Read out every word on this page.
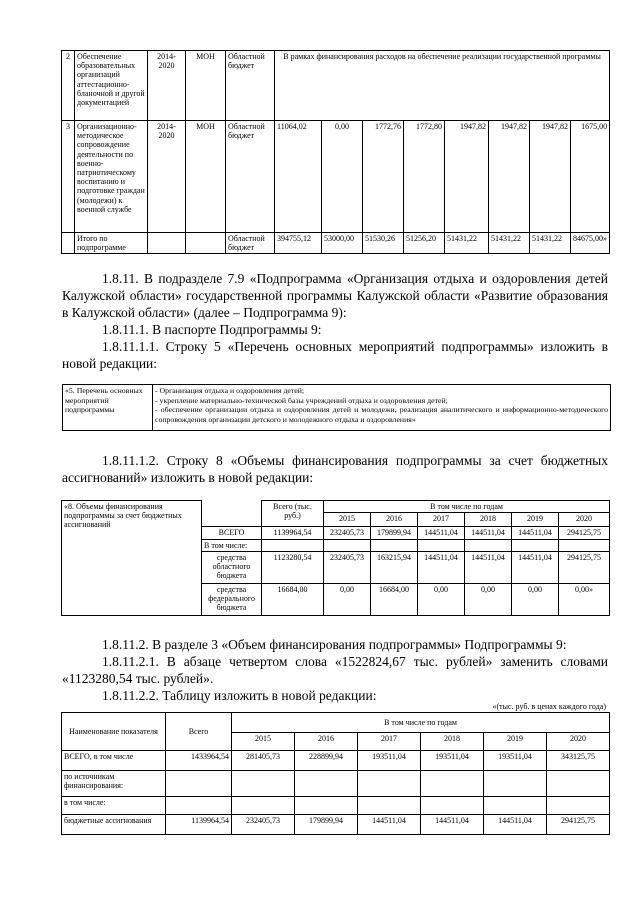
2	Обеспечение образовательных организаций аттестационно-бланочной и другой документацией	2014-2020	МОН	Областной бюджет	В рамках финансирования расходов на обеспечение реализации государственной программы							
3	Организационно-методическое сопровождение деятельности по военно-патриотическому воспитанию и подготовке граждан (молодежи) к военной службе	2014-2020	МОН	Областной бюджет	11064,02	0,00	1772,76	1772,80	1947,82	1947,82	1947,82	1675,00
	Итого по подпрограмме			Областной бюджет	394755,12	53000,00	51530,26	51256,20	51431,22	51431,22	51431,22	84675,00»
1.8.11. В подразделе 7.9 «Подпрограмма «Организация отдыха и оздоровления детей Калужской области» государственной программы Калужской области «Развитие образования в Калужской области» (далее – Подпрограмма 9):
1.8.11.1. В паспорте Подпрограммы 9:
1.8.11.1.1. Строку 5 «Перечень основных мероприятий подпрограммы» изложить в новой редакции:
«5. Перечень основных мероприятий подпрограммы	
- Организация отдыха и оздоровления детей;
- укрепление материально-технической базы учреждений отдыха и оздоровления детей;
- обеспечение организации отдыха и оздоровления детей и молодежи, реализация аналитического и информационно-методического сопровождения организации детского и молодежного отдыха и оздоровления»
1.8.11.1.2. Строку 8 «Объемы финансирования подпрограммы за счет бюджетных ассигнований» изложить в новой редакции:
«8. Объемы финансирования подпрограммы за счет бюджетных ассигнований		Всего (тыс. руб.)	В том числе по годам					
			2015	2016	2017	2018	2019	2020
	ВСЕГО	1139964,54	232405,73	179899,94	144511,04	144511,04	144511,04	294125,75
	В том числе:							
	средства областного бюджета	1123280,54	232405,73	163215,94	144511,04	144511,04	144511,04	294125,75
	средства федерального бюджета	16684,00	0,00	16684,00	0,00	0,00	0,00	0,00»
1.8.11.2. В разделе 3 «Объем финансирования подпрограммы» Подпрограммы 9:
1.8.11.2.1. В абзаце четвертом слова «1522824,67 тыс. рублей» заменить словами «1123280,54 тыс. рублей».
1.8.11.2.2. Таблицу изложить в новой редакции:
«(тыс. руб. в ценах каждого года)
Наименование показателя	Всего	В том числе по годам					
		2015	2016	2017	2018	2019	2020
ВСЕГО, в том числе	1433964,54	281405,73	228899,94	193511,04	193511,04	193511,04	343125,75
по источникам финансирования:							
в том числе:							
бюджетные ассигнования	1139964,54	232405,73	179899,94	144511,04	144511,04	144511,04	294125,75
